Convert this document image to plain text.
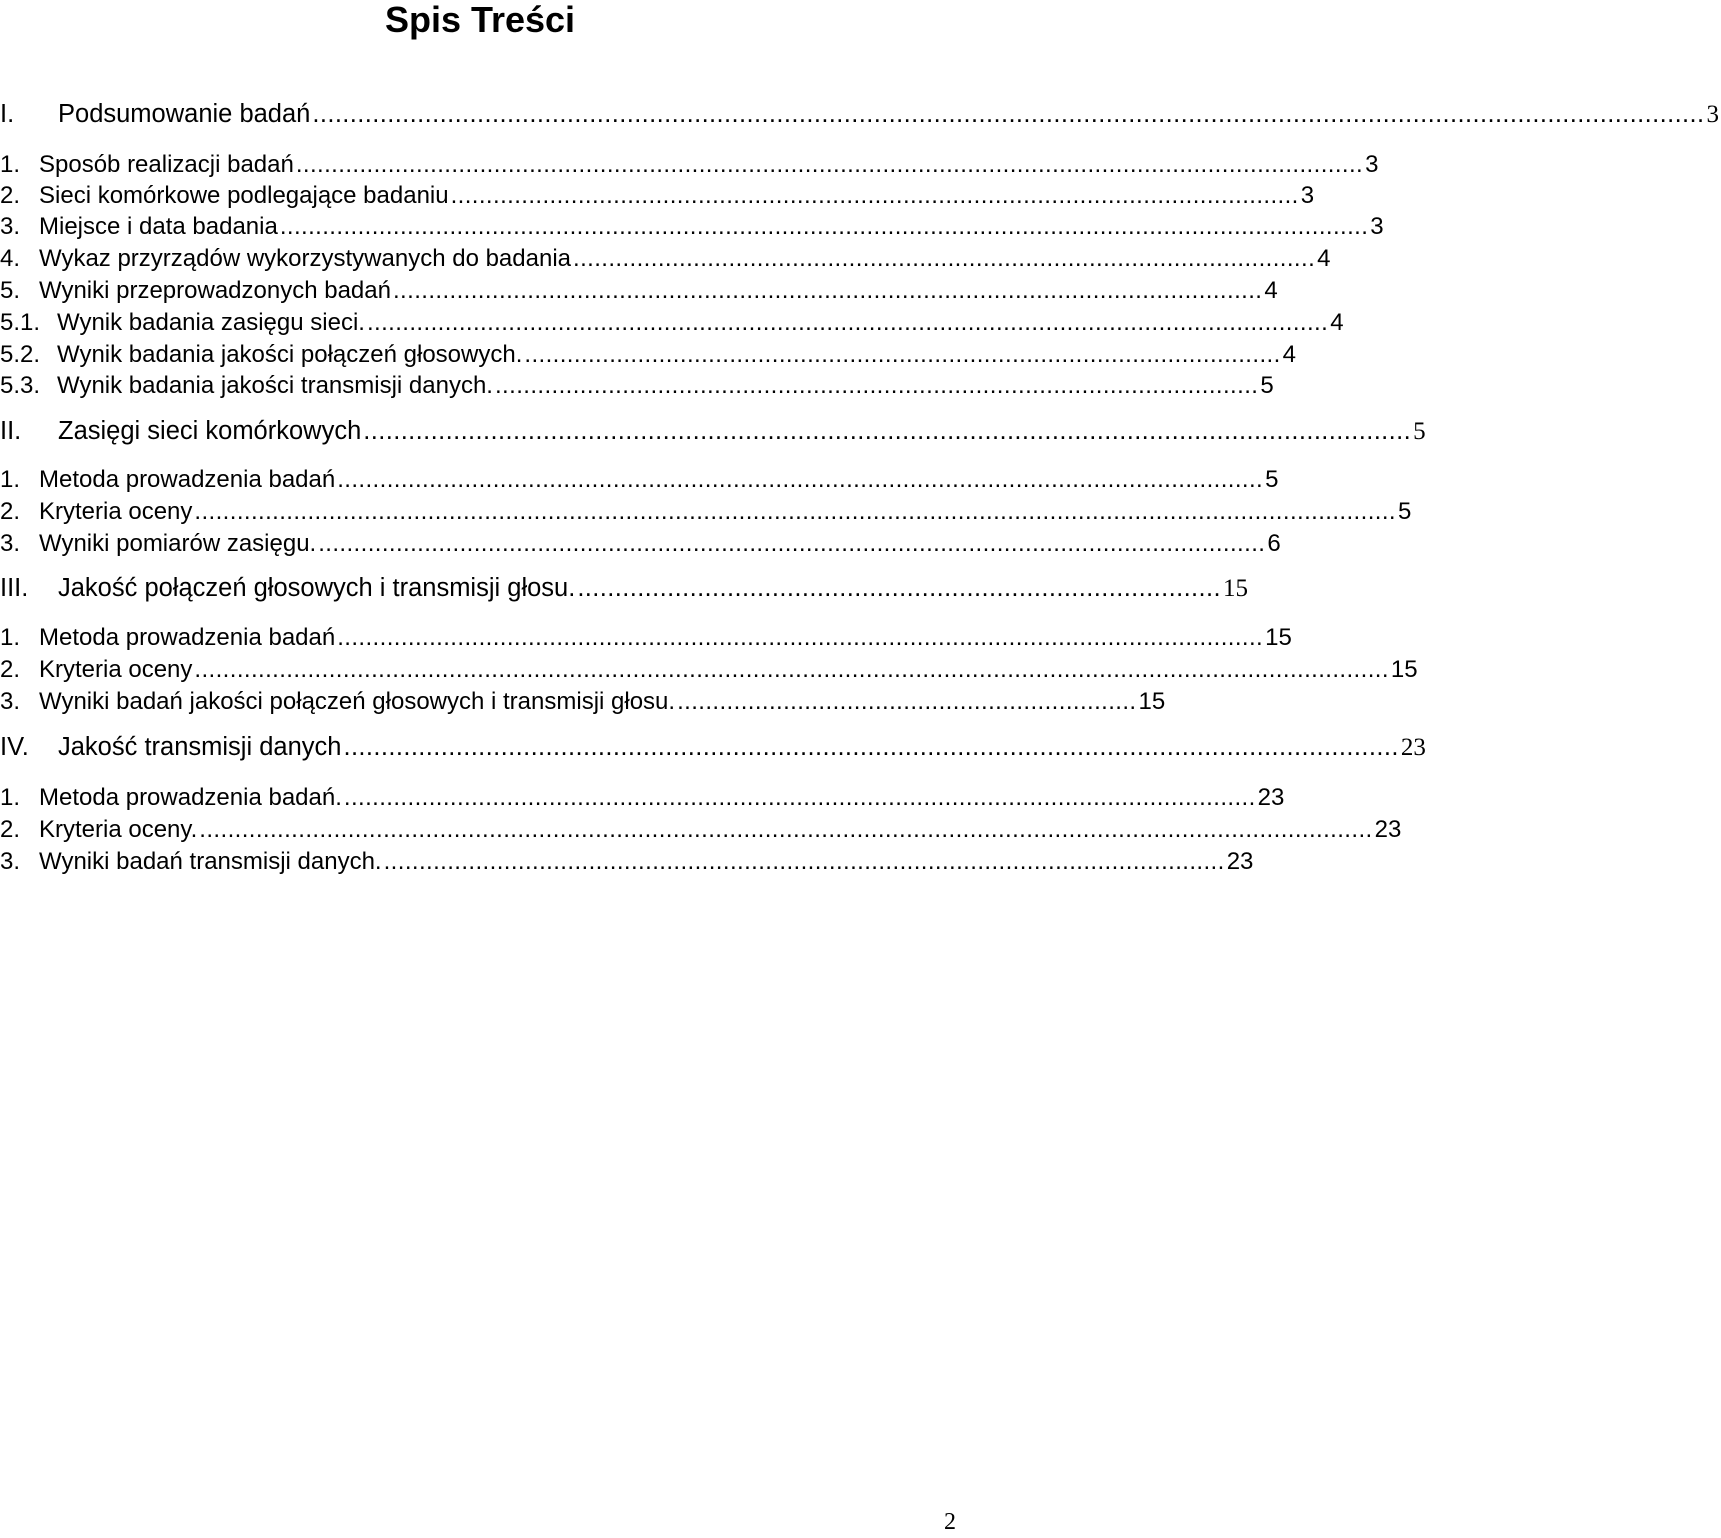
Spis Treści
I.	Podsumowanie badań .......................................................................................................................................................................................... 3
1. Sposób realizacji badań ....................................................................................................................................................... 3
2. Sieci komórkowe podlegające badaniu ........................................................................................................................ 3
3. Miejsce i data badania .......................................................................................................................................................... 3
4. Wykaz przyrządów wykorzystywanych do badania ......................................................................................................... 4
5. Wyniki przeprowadzonych badań ........................................................................................................................... 4
5.1. Wynik badania zasięgu sieci. ........................................................................................................................................ 4
5.2. Wynik badania jakości połączeń głosowych. ........................................................................................................... 4
5.3. Wynik badania jakości transmisji danych. ............................................................................................................ 5
II.	Zasięgi sieci komórkowych ............................................................................................................................................ 5
1. Metoda prowadzenia badań ................................................................................................................................... 5
2. Kryteria oceny .......................................................................................................................................................................... 5
3. Wyniki pomiarów zasięgu. ...................................................................................................................................... 6
III.	Jakość połączeń głosowych i transmisji głosu. ...................................................................................... 15
1. Metoda prowadzenia badań ................................................................................................................................... 15
2. Kryteria oceny ......................................................................................................................................................................... 15
3. Wyniki badań jakości połączeń głosowych i transmisji głosu. ................................................................. 15
IV.	Jakość transmisji danych ............................................................................................................................................. 23
1. Metoda prowadzenia badań. ................................................................................................................................. 23
2. Kryteria oceny. ...................................................................................................................................................................... 23
3. Wyniki badań transmisji danych. ....................................................................................................................... 23
2
